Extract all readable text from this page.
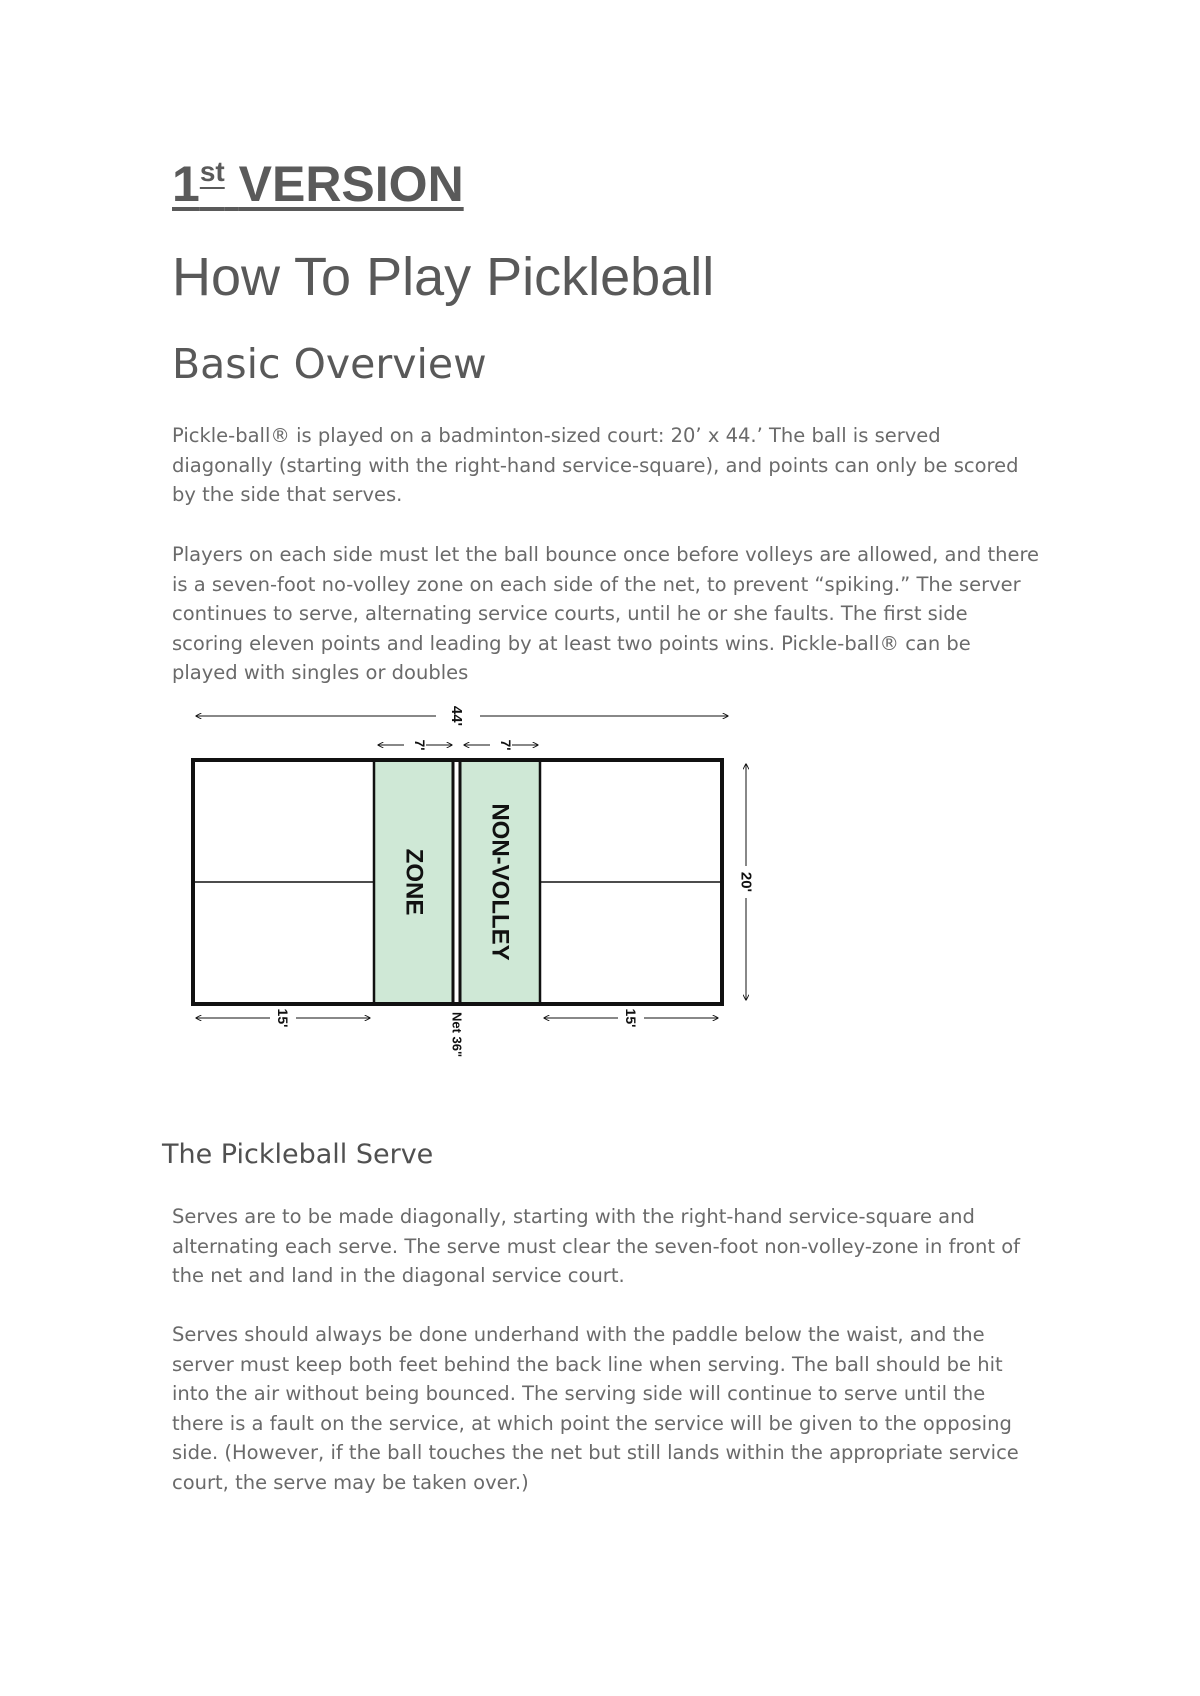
1st VERSION
How To Play Pickleball
Basic Overview

Pickle-ball® is played on a badminton-sized court: 20’ x 44.’ The ball is served diagonally (starting with the right-hand service-square), and points can only be scored by the side that serves.

Players on each side must let the ball bounce once before volleys are allowed, and there is a seven-foot no-volley zone on each side of the net, to prevent “spiking.” The server continues to serve, alternating service courts, until he or she faults. The first side scoring eleven points and leading by at least two points wins. Pickle-ball® can be played with singles or doubles

44'
7'	7'
ZONE NON-VOLLEY	20'
15'	15'
Net 36"
The Pickleball Serve

Serves are to be made diagonally, starting with the right-hand service-square and alternating each serve. The serve must clear the seven-foot non-volley-zone in front of the net and land in the diagonal service court.

Serves should always be done underhand with the paddle below the waist, and the server must keep both feet behind the back line when serving. The ball should be hit into the air without being bounced. The serving side will continue to serve until the there is a fault on the service, at which point the service will be given to the opposing side. (However, if the ball touches the net but still lands within the appropriate service court, the serve may be taken over.)
